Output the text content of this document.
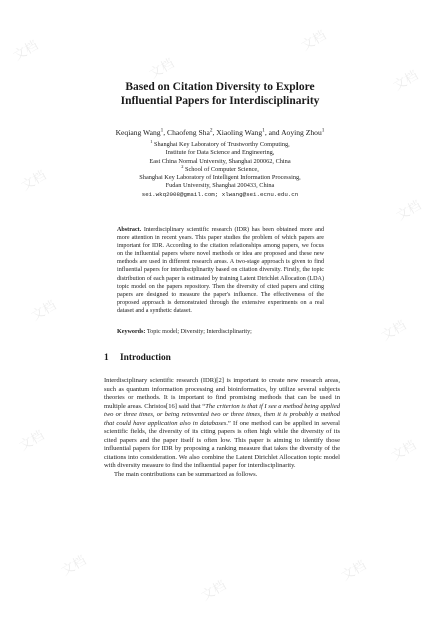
文档
文档
文档
文档
文档
文档
文档
文档
文档	文档
文档
文档
文档
Based on Citation Diversity to Explore
Influential Papers for Interdisciplinarity
Keqiang Wang$^1$, Chaofeng Sha$^2$, Xiaoling Wang$^1$, and Aoying Zhou$^1$
$^1$ Shanghai Key Laboratory of Trustworthy Computing,
Institute for Data Science and Engineering,
East China Normal University, Shanghai 200062, China
$^2$ School of Computer Science,
Shanghai Key Laboratory of Intelligent Information Processing,
Fudan University, Shanghai 200433, China
sei.wkq2008@gmail.com; xlwang@sei.ecnu.edu.cn
Abstract. Interdisciplinary scientific research (IDR) has been obtained more and more attention in recent years. This paper studies the problem of which papers are important for IDR. According to the citation relationships among papers, we focus on the influential papers where novel methods or idea are proposed and these new methods are used in different research areas. A two-stage approach is given to find influential papers for interdisciplinarity based on citation diversity. Firstly, the topic distribution of each paper is estimated by training Latent Dirichlet Allocation (LDA) topic model on the papers repository. Then the diversity of cited papers and citing papers are designed to measure the paper's influence. The effectiveness of the proposed approach is demonstrated through the extensive experiments on a real dataset and a synthetic dataset.
Keywords: Topic model; Diversity; Interdisciplinarity;
1 Introduction

Interdisciplinary scientific research (IDR)[2] is important to create new research areas, such as quantum information processing and bioinformatics, by utilize several subjects theories or methods. It is important to find promising methods that can be used in multiple areas. Christos[16] said that “The criterion is that if I see a method being applied two or three times, or being reinvented two or three times, then it is probably a method that could have application also in databases.” If one method can be applied in several scientific fields, the diversity of its citing papers is often high while the diversity of its cited papers and the paper itself is often low. This paper is aiming to identify those influential papers for IDR by proposing a ranking measure that takes the diversity of the citations into consideration. We also combine the Latent Dirichlet Allocation topic model with diversity measure to find the influential paper for interdisciplinarity.

The main contributions can be summarized as follows.
